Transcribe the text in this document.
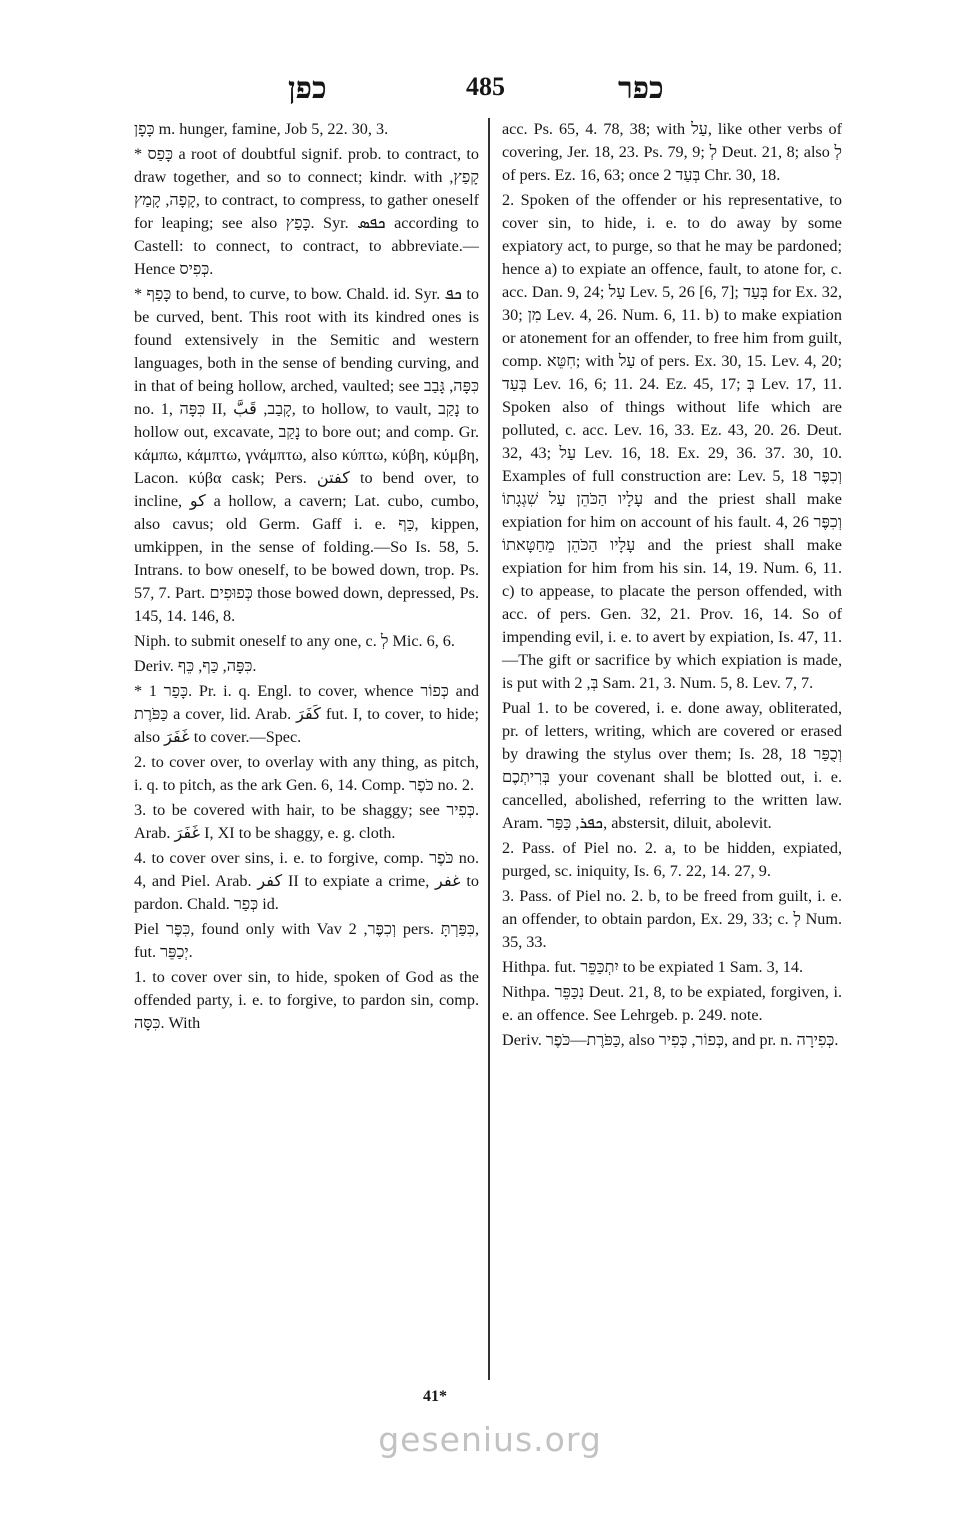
כפן	485	כפר

כָּפָן m. hunger, famine, Job 5, 22. 30, 3.

* כָּפַס a root of doubtful signif. prob. to contract, to draw together, and so to connect; kindr. with קָפַץ, קָפָה, קָמַץ, to contract, to compress, to gather oneself for leaping; see also כָּפַץ. Syr. ܟܦܣ according to Castell: to connect, to contract, to abbreviate.—Hence כְּפִיס.

* כָּפַף to bend, to curve, to bow. Chald. id. Syr. ܟܦ to be curved, bent. This root with its kindred ones is found extensively in the Semitic and western languages, both in the sense of bending curving, and in that of being hollow, arched, vaulted; see כִּפָּה, גָּבַב no. 1, כִּפָּה II, קָבַב, قَبَّ, to hollow, to vault, נָקַב to hollow out, excavate, נָקַב to bore out; and comp. Gr. κάμπω, κάμπτω, γνάμπτω, also κύπτω, κύβη, κύμβη, Lacon. κύβα cask; Pers. كفتن to bend over, to incline, كو a hollow, a cavern; Lat. cubo, cumbo, also cavus; old Germ. Gaff i. e. כַּף, kippen, umkippen, in the sense of folding.—So Is. 58, 5. Intrans. to bow oneself, to be bowed down, trop. Ps. 57, 7. Part. כְּפוּפִים those bowed down, depressed, Ps. 145, 14. 146, 8.

Niph. to submit oneself to any one, c. לְ Mic. 6, 6.

Deriv. כִּפָּה, כַּף, כֵּף.

* כָּפַר 1. Pr. i. q. Engl. to cover, whence כְּפוֹר and כַּפֹּרֶת a cover, lid. Arab. كَفَرَ fut. I, to cover, to hide; also غَفَرَ to cover.—Spec.

2. to cover over, to overlay with any thing, as pitch, i. q. to pitch, as the ark Gen. 6, 14. Comp. כֹּפֶר no. 2.

3. to be covered with hair, to be shaggy; see כְּפִיר. Arab. غَفَرَ I, XI to be shaggy, e. g. cloth.

4. to cover over sins, i. e. to forgive, comp. כֹּפֶר no. 4, and Piel. Arab. كفر II to expiate a crime, غفر to pardon. Chald. כְּפַר id.

Piel כִּפֶּר, found only with Vav וְכִפֶּר, 2 pers. כִּפַּרְתָּ, fut. יְכַפֵּר.

1. to cover over sin, to hide, spoken of God as the offended party, i. e. to forgive, to pardon sin, comp. כִּסָּה. With

acc. Ps. 65, 4. 78, 38; with עַל, like other verbs of covering, Jer. 18, 23. Ps. 79, 9; לְ Deut. 21, 8; also לְ of pers. Ez. 16, 63; once בְּעַד 2 Chr. 30, 18.

2. Spoken of the offender or his representative, to cover sin, to hide, i. e. to do away by some expiatory act, to purge, so that he may be pardoned; hence a) to expiate an offence, fault, to atone for, c. acc. Dan. 9, 24; עַל Lev. 5, 26 [6, 7]; בְּעַד for Ex. 32, 30; מִן Lev. 4, 26. Num. 6, 11. b) to make expiation or atonement for an offender, to free him from guilt, comp. חִטֵּא; with עַל of pers. Ex. 30, 15. Lev. 4, 20; בְּעַד Lev. 16, 6; 11. 24. Ez. 45, 17; בְּ Lev. 17, 11. Spoken also of things without life which are polluted, c. acc. Lev. 16, 33. Ez. 43, 20. 26. Deut. 32, 43; עַל Lev. 16, 18. Ex. 29, 36. 37. 30, 10. Examples of full construction are: Lev. 5, 18 וְכִפֶּר עָלָיו הַכֹּהֵן עַל שִׁגְגָתוֹ and the priest shall make expiation for him on account of his fault. 4, 26 וְכִפֶּר עָלָיו הַכֹּהֵן מֵחַטָּאתוֹ and the priest shall make expiation for him from his sin. 14, 19. Num. 6, 11. c) to appease, to placate the person offended, with acc. of pers. Gen. 32, 21. Prov. 16, 14. So of impending evil, i. e. to avert by expiation, Is. 47, 11.—The gift or sacrifice by which expiation is made, is put with בְּ, 2 Sam. 21, 3. Num. 5, 8. Lev. 7, 7.

Pual 1. to be covered, i. e. done away, obliterated, pr. of letters, writing, which are covered or erased by drawing the stylus over them; Is. 28, 18 וְכֻפַּר בְּרִיתְכֶם your covenant shall be blotted out, i. e. cancelled, abolished, referring to the written law. Aram. ܟܦܪ, כַּפַּר, abstersit, diluit, abolevit.

2. Pass. of Piel no. 2. a, to be hidden, expiated, purged, sc. iniquity, Is. 6, 7. 22, 14. 27, 9.

3. Pass. of Piel no. 2. b, to be freed from guilt, i. e. an offender, to obtain pardon, Ex. 29, 33; c. לְ Num. 35, 33.

Hithpa. fut. יִתְכַּפֵּר to be expiated 1 Sam. 3, 14.

Nithpa. נִכַּפֵּר Deut. 21, 8, to be expiated, forgiven, i. e. an offence. See Lehrgeb. p. 249. note.

Deriv. כַּפֹּרֶת—כֹּפֶר, also כְּפוֹר, כְּפִיר, and pr. n. כְּפִירָה.

41*
gesenius.org
